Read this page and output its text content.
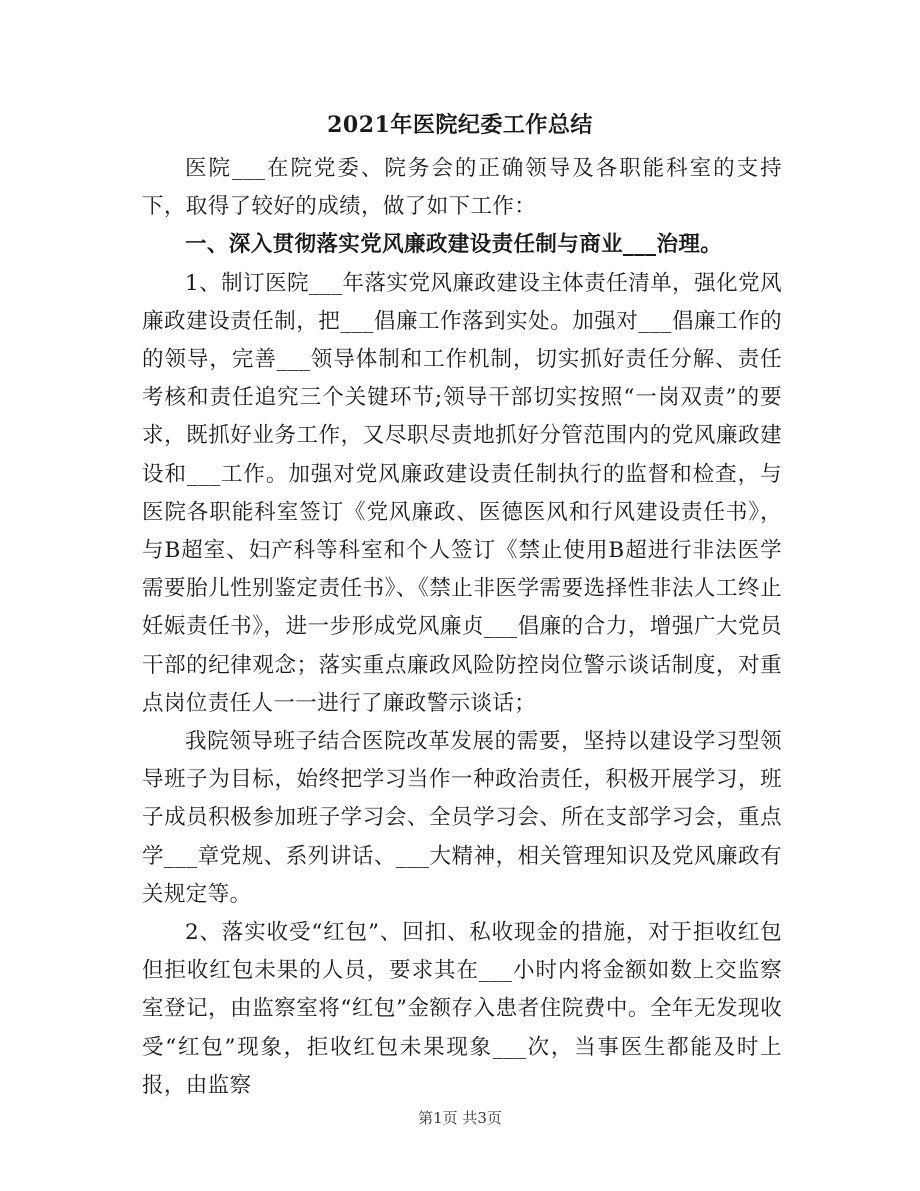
2021年医院纪委工作总结

医院___在院党委、院务会的正确领导及各职能科室的支持下，取得了较好的成绩，做了如下工作：

一、深入贯彻落实党风廉政建设责任制与商业___治理。

1、制订医院___年落实党风廉政建设主体责任清单，强化党风廉政建设责任制，把___倡廉工作落到实处。加强对___倡廉工作的的领导，完善___领导体制和工作机制，切实抓好责任分解、责任考核和责任追究三个关键环节;领导干部切实按照“一岗双责”的要求，既抓好业务工作，又尽职尽责地抓好分管范围内的党风廉政建设和___工作。加强对党风廉政建设责任制执行的监督和检查，与医院各职能科室签订《党风廉政、医德医风和行风建设责任书》，与B超室、妇产科等科室和个人签订《禁止使用B超进行非法医学需要胎儿性别鉴定责任书》、《禁止非医学需要选择性非法人工终止妊娠责任书》，进一步形成党风廉贞___倡廉的合力，增强广大党员干部的纪律观念；落实重点廉政风险防控岗位警示谈话制度，对重点岗位责任人一一进行了廉政警示谈话；

我院领导班子结合医院改革发展的需要，坚持以建设学习型领导班子为目标，始终把学习当作一种政治责任，积极开展学习，班子成员积极参加班子学习会、全员学习会、所在支部学习会，重点学___章党规、系列讲话、___大精神，相关管理知识及党风廉政有关规定等。

2、落实收受“红包”、回扣、私收现金的措施，对于拒收红包但拒收红包未果的人员，要求其在___小时内将金额如数上交监察室登记，由监察室将“红包”金额存入患者住院费中。全年无发现收受“红包”现象，拒收红包未果现象___次，当事医生都能及时上报，由监察

第1页 共3页
